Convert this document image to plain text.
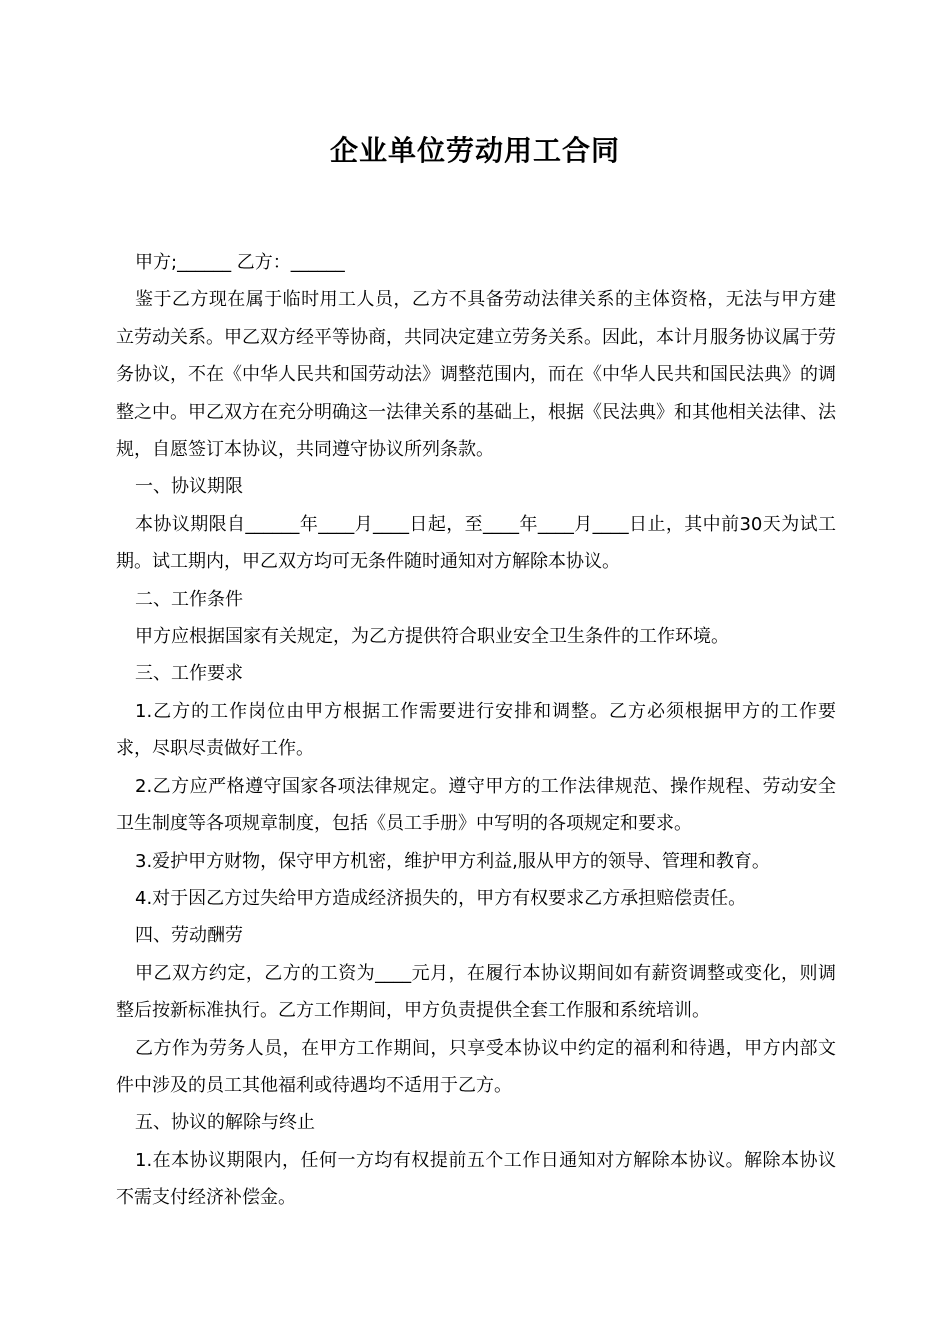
企业单位劳动用工合同

甲方;______ 乙方：______

鉴于乙方现在属于临时用工人员，乙方不具备劳动法律关系的主体资格，无法与甲方建立劳动关系。甲乙双方经平等协商，共同决定建立劳务关系。因此，本计月服务协议属于劳务协议，不在《中华人民共和国劳动法》调整范围内，而在《中华人民共和国民法典》的调整之中。甲乙双方在充分明确这一法律关系的基础上，根据《民法典》和其他相关法律、法规，自愿签订本协议，共同遵守协议所列条款。

一、协议期限

本协议期限自______年____月____日起，至____年____月____日止，其中前30天为试工期。试工期内，甲乙双方均可无条件随时通知对方解除本协议。

二、工作条件

甲方应根据国家有关规定，为乙方提供符合职业安全卫生条件的工作环境。

三、工作要求

1.乙方的工作岗位由甲方根据工作需要进行安排和调整。乙方必须根据甲方的工作要求，尽职尽责做好工作。

2.乙方应严格遵守国家各项法律规定。遵守甲方的工作法律规范、操作规程、劳动安全卫生制度等各项规章制度，包括《员工手册》中写明的各项规定和要求。

3.爱护甲方财物，保守甲方机密，维护甲方利益,服从甲方的领导、管理和教育。

4.对于因乙方过失给甲方造成经济损失的，甲方有权要求乙方承担赔偿责任。

四、劳动酬劳

甲乙双方约定，乙方的工资为____元月，在履行本协议期间如有薪资调整或变化，则调整后按新标准执行。乙方工作期间，甲方负责提供全套工作服和系统培训。

乙方作为劳务人员，在甲方工作期间，只享受本协议中约定的福利和待遇，甲方内部文件中涉及的员工其他福利或待遇均不适用于乙方。

五、协议的解除与终止

1.在本协议期限内，任何一方均有权提前五个工作日通知对方解除本协议。解除本协议不需支付经济补偿金。
